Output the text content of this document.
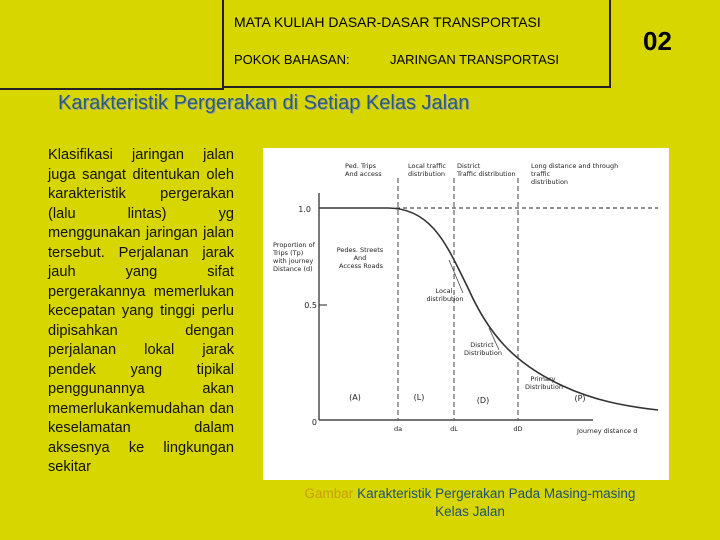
MATA KULIAH DASAR-DASAR TRANSPORTASI
POKOK BAHASAN:	JARINGAN TRANSPORTASI
02
Karakteristik Pergerakan di Setiap Kelas Jalan
Klasifikasi jaringan jalan juga sangat ditentukan oleh karakteristik pergerakan (lalu lintas) yg menggunakan jaringan jalan tersebut. Perjalanan jarak jauh yang sifat pergerakannya memerlukan kecepatan yang tinggi perlu dipisahkan dengan perjalanan lokal jarak pendek yang tipikal penggunannya akan memerlukankemudahan dan keselamatan dalam aksesnya ke lingkungan sekitar
Ped. Trips And access
Local traffic distribution
District Traffic distribution
Long distance and through traffic distribution
1.0
0.5
0
Proportion of Trips (Tp) with journey Distance (d)
Pedes. Streets And Access Roads
Local distribution
District Distribution
Primary Distribution
(A)	(L)	(D)	(P)
da	dL	dD	Journey distance d
Gambar Karakteristik Pergerakan Pada Masing-masing Kelas Jalan
